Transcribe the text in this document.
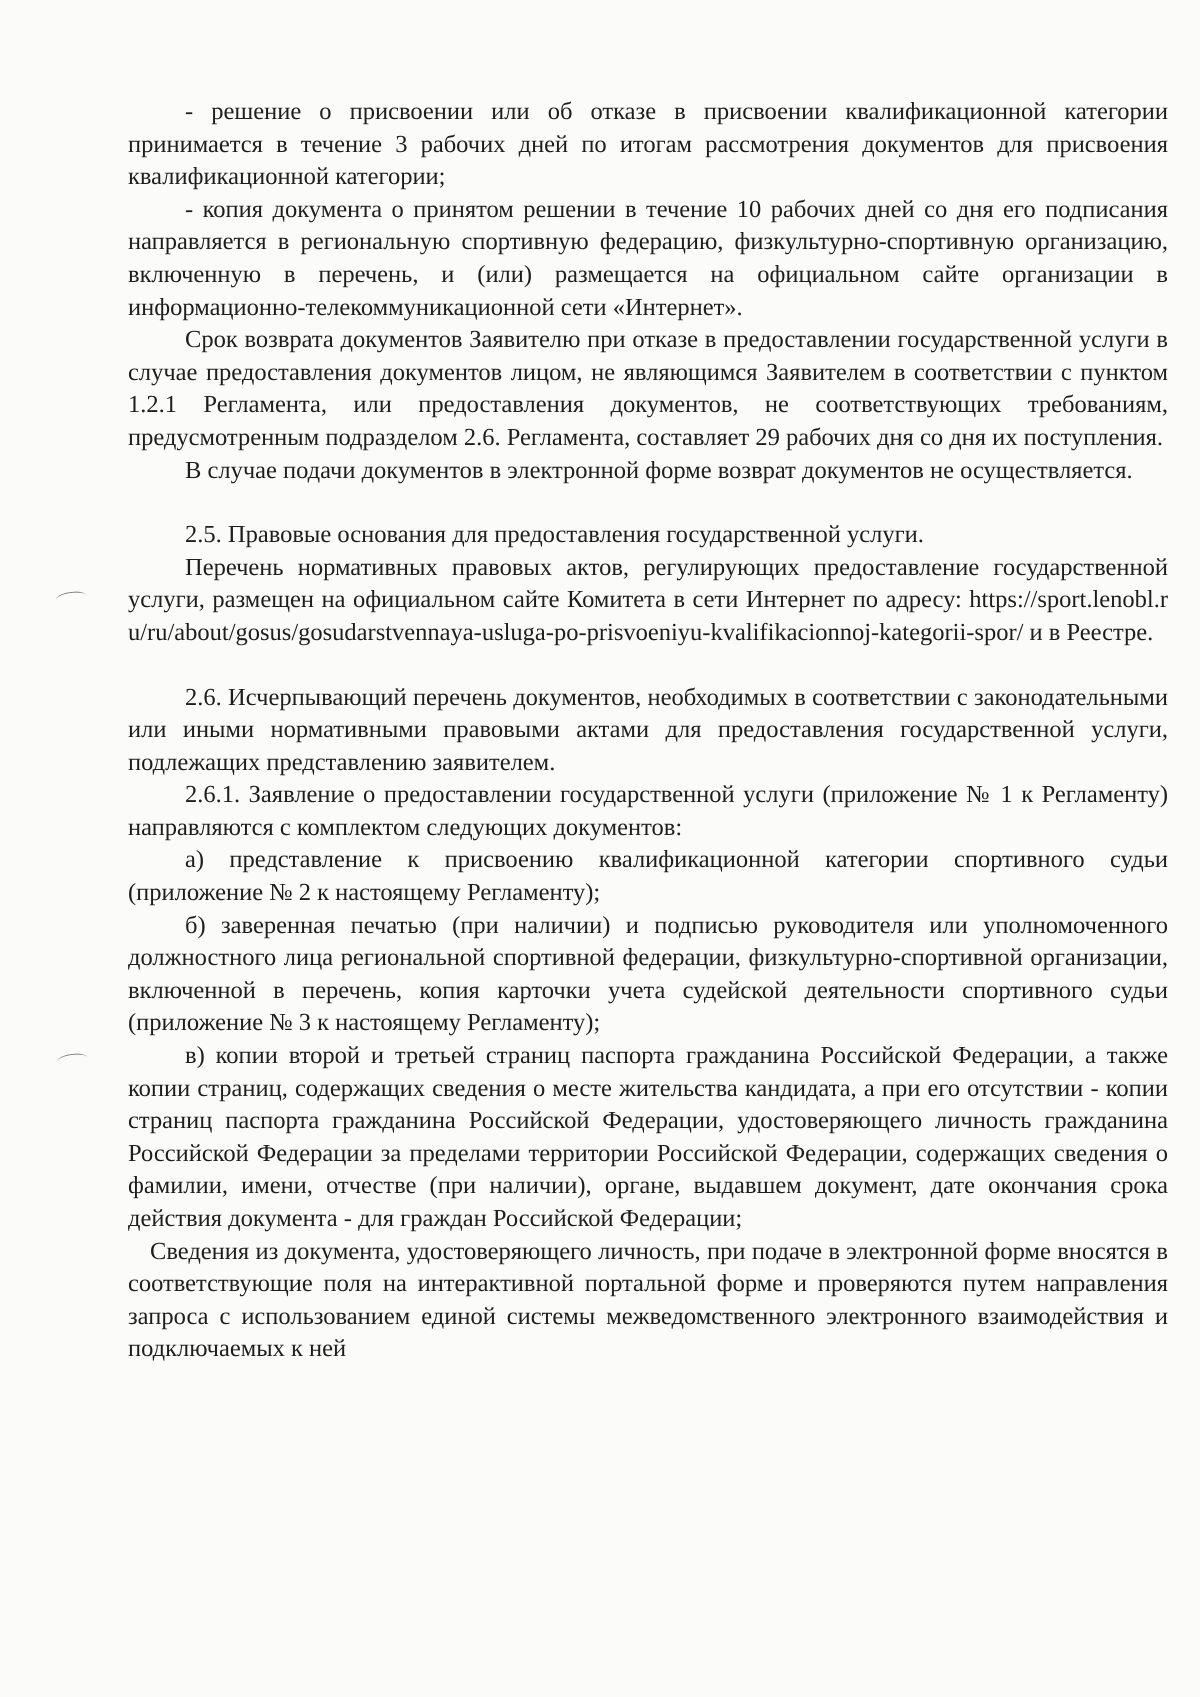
- решение о присвоении или об отказе в присвоении квалификационной категории принимается в течение 3 рабочих дней по итогам рассмотрения документов для присвоения квалификационной категории;

- копия документа о принятом решении в течение 10 рабочих дней со дня его подписания направляется в региональную спортивную федерацию, физкультурно-спортивную организацию, включенную в перечень, и (или) размещается на официальном сайте организации в информационно-телекоммуникационной сети «Интернет».

Срок возврата документов Заявителю при отказе в предоставлении государственной услуги в случае предоставления документов лицом, не являющимся Заявителем в соответствии с пунктом 1.2.1 Регламента, или предоставления документов, не соответствующих требованиям, предусмотренным подразделом 2.6. Регламента, составляет 29 рабочих дня со дня их поступления.

В случае подачи документов в электронной форме возврат документов не осуществляется.

2.5. Правовые основания для предоставления государственной услуги.

Перечень нормативных правовых актов, регулирующих предоставление государственной услуги, размещен на официальном сайте Комитета в сети Интернет по адресу: https://sport.lenobl.ru/ru/about/gosus/gosudarstvennaya-usluga-po-prisvoeniyu-kvalifikacionnoj-kategorii-spor/ и в Реестре.

2.6. Исчерпывающий перечень документов, необходимых в соответствии с законодательными или иными нормативными правовыми актами для предоставления государственной услуги, подлежащих представлению заявителем.

2.6.1. Заявление о предоставлении государственной услуги (приложение № 1 к Регламенту) направляются с комплектом следующих документов:

а) представление к присвоению квалификационной категории спортивного судьи (приложение № 2 к настоящему Регламенту);

б) заверенная печатью (при наличии) и подписью руководителя или уполномоченного должностного лица региональной спортивной федерации, физкультурно-спортивной организации, включенной в перечень, копия карточки учета судейской деятельности спортивного судьи (приложение № 3 к настоящему Регламенту);

в) копии второй и третьей страниц паспорта гражданина Российской Федерации, а также копии страниц, содержащих сведения о месте жительства кандидата, а при его отсутствии - копии страниц паспорта гражданина Российской Федерации, удостоверяющего личность гражданина Российской Федерации за пределами территории Российской Федерации, содержащих сведения о фамилии, имени, отчестве (при наличии), органе, выдавшем документ, дате окончания срока действия документа - для граждан Российской Федерации;

Сведения из документа, удостоверяющего личность, при подаче в электронной форме вносятся в соответствующие поля на интерактивной портальной форме и проверяются путем направления запроса с использованием единой системы межведомственного электронного взаимодействия и подключаемых к ней
